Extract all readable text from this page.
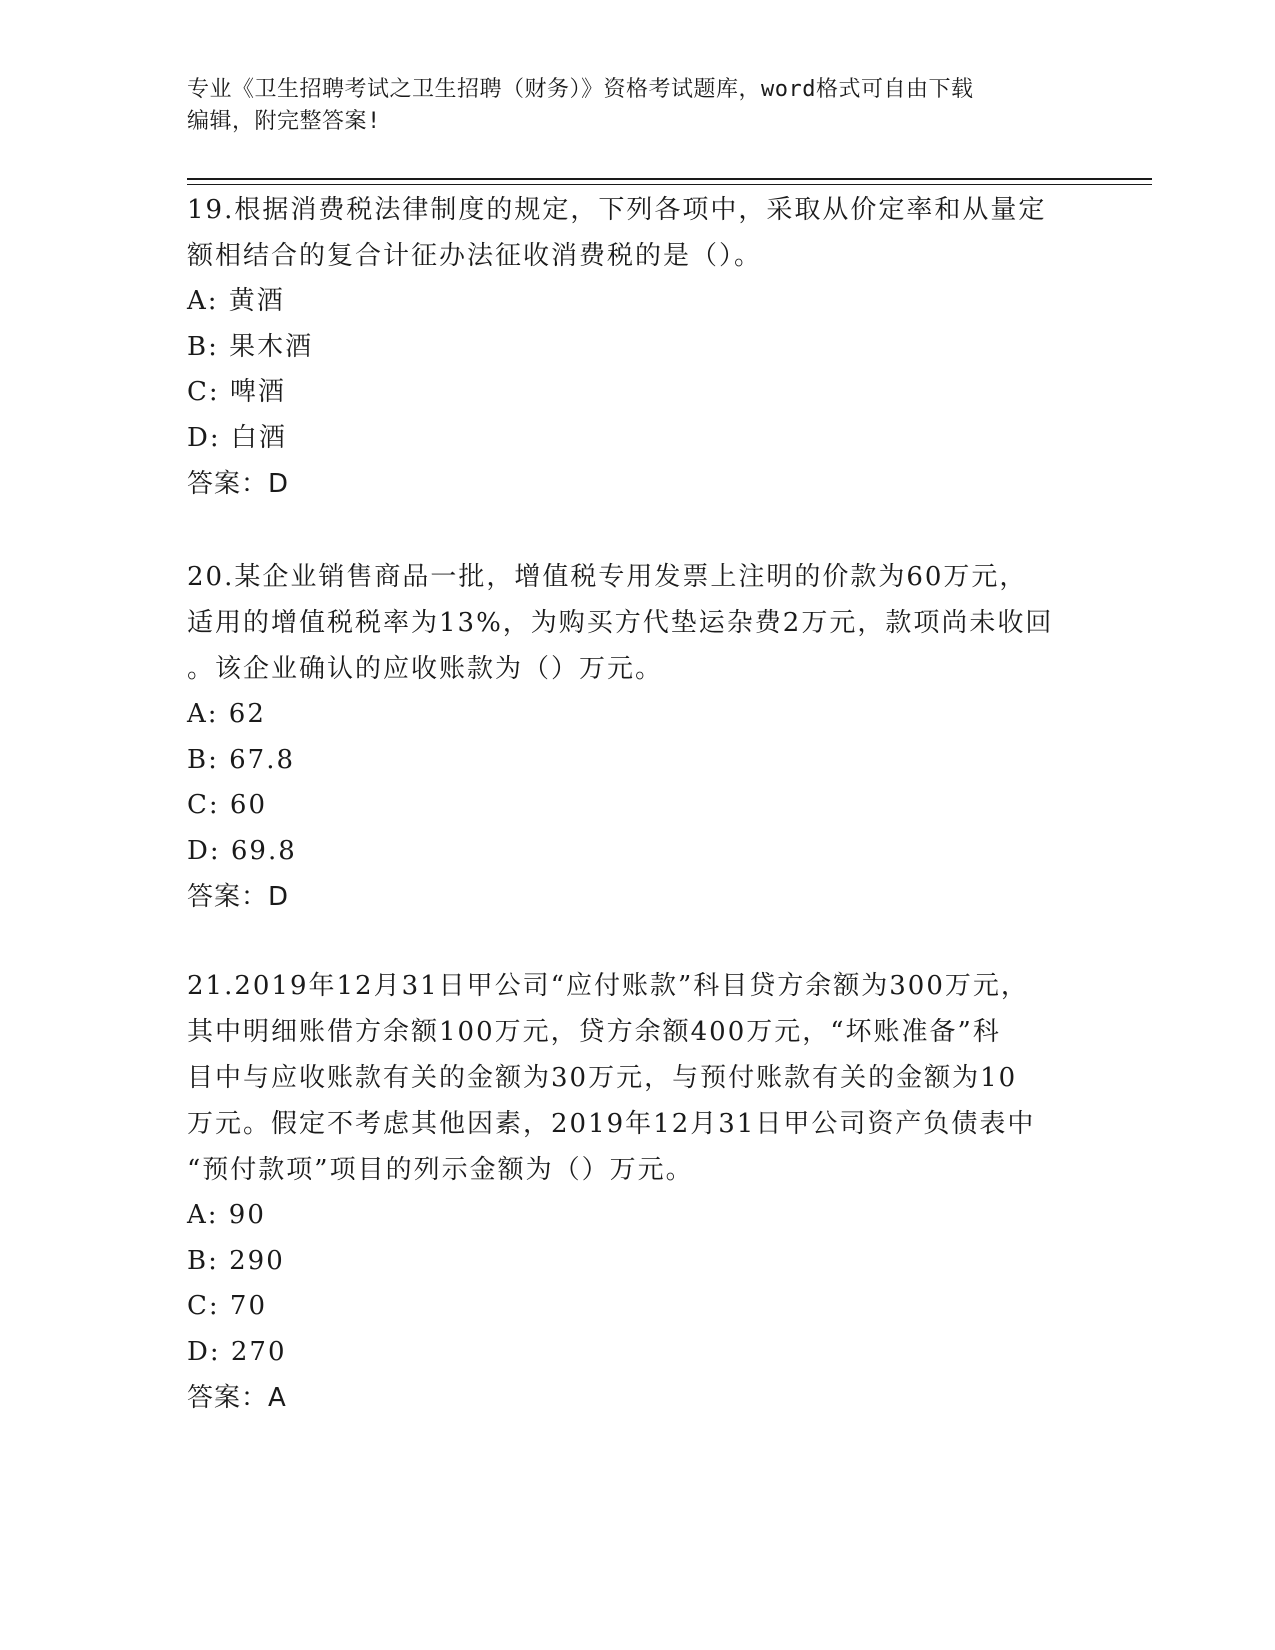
专业《卫生招聘考试之卫生招聘（财务）》资格考试题库，word格式可自由下载
编辑，附完整答案!

19.根据消费税法律制度的规定，下列各项中，采取从价定率和从量定

额相结合的复合计征办法征收消费税的是（）。

A: 黄酒

B: 果木酒

C: 啤酒

D: 白酒

答案：D

20.某企业销售商品一批，增值税专用发票上注明的价款为60万元，

适用的增值税税率为13%，为购买方代垫运杂费2万元，款项尚未收回

。该企业确认的应收账款为（）万元。

A: 62

B: 67.8

C: 60

D: 69.8

答案：D

21.2019年12月31日甲公司“应付账款”科目贷方余额为300万元，

其中明细账借方余额100万元，贷方余额400万元，“坏账准备”科

目中与应收账款有关的金额为30万元，与预付账款有关的金额为10

万元。假定不考虑其他因素，2019年12月31日甲公司资产负债表中

“预付款项”项目的列示金额为（）万元。

A: 90

B: 290

C: 70

D: 270

答案：A
